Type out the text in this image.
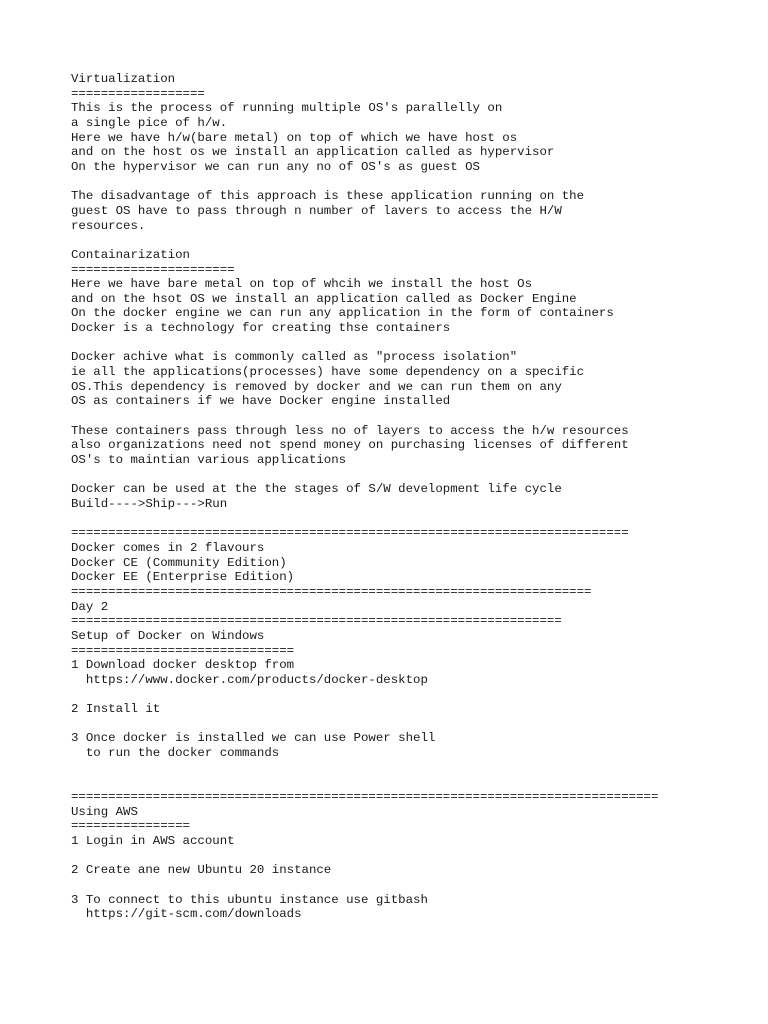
Virtualization
==================
This is the process of running multiple OS's parallelly on
a single pice of h/w.
Here we have h/w(bare metal) on top of which we have host os
and on the host os we install an application called as hypervisor
On the hypervisor we can run any no of OS's as guest OS
The disadvantage of this approach is these application running on the
guest OS have to pass through n number of lavers to access the H/W
resources.
Containarization
======================
Here we have bare metal on top of whcih we install the host Os
and on the hsot OS we install an application called as Docker Engine
On the docker engine we can run any application in the form of containers
Docker is a technology for creating thse containers
Docker achive what is commonly called as "process isolation"
ie all the applications(processes) have some dependency on a specific
OS.This dependency is removed by docker and we can run them on any
OS as containers if we have Docker engine installed
These containers pass through less no of layers to access the h/w resources
also organizations need not spend money on purchasing licenses of different
OS's to maintian various applications
Docker can be used at the the stages of S/W development life cycle
Build---->Ship--->Run
===========================================================================
Docker comes in 2 flavours
Docker CE (Community Edition)
Docker EE (Enterprise Edition)
======================================================================
Day 2
==================================================================
Setup of Docker on Windows
==============================
1 Download docker desktop from
https://www.docker.com/products/docker-desktop
2 Install it
3 Once docker is installed we can use Power shell
to run the docker commands
===============================================================================
Using AWS
================
1 Login in AWS account
2 Create ane new Ubuntu 20 instance
3 To connect to this ubuntu instance use gitbash
https://git-scm.com/downloads
